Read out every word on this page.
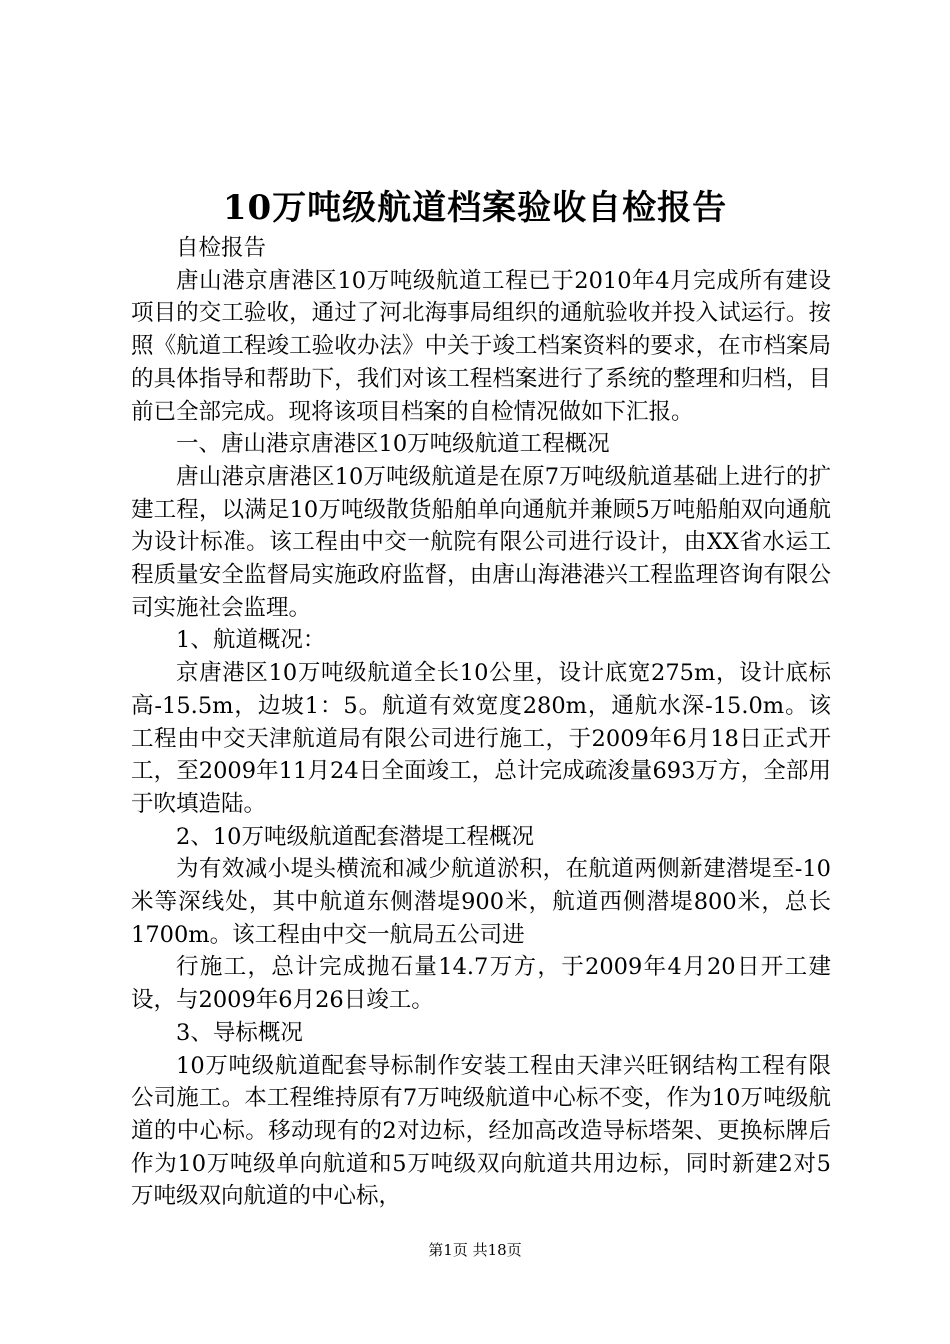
10万吨级航道档案验收自检报告

自检报告

唐山港京唐港区10万吨级航道工程已于2010年4月完成所有建设项目的交工验收，通过了河北海事局组织的通航验收并投入试运行。按照《航道工程竣工验收办法》中关于竣工档案资料的要求，在市档案局的具体指导和帮助下，我们对该工程档案进行了系统的整理和归档，目前已全部完成。现将该项目档案的自检情况做如下汇报。

一、唐山港京唐港区10万吨级航道工程概况

唐山港京唐港区10万吨级航道是在原7万吨级航道基础上进行的扩建工程，以满足10万吨级散货船舶单向通航并兼顾5万吨船舶双向通航为设计标准。该工程由中交一航院有限公司进行设计，由XX省水运工程质量安全监督局实施政府监督，由唐山海港港兴工程监理咨询有限公司实施社会监理。

1、航道概况：

京唐港区10万吨级航道全长10公里，设计底宽275m，设计底标高-15.5m，边坡1：5。航道有效宽度280m，通航水深-15.0m。该工程由中交天津航道局有限公司进行施工，于2009年6月18日正式开工，至2009年11月24日全面竣工，总计完成疏浚量693万方，全部用于吹填造陆。

2、10万吨级航道配套潜堤工程概况

为有效减小堤头横流和减少航道淤积，在航道两侧新建潜堤至-10米等深线处，其中航道东侧潜堤900米，航道西侧潜堤800米，总长1700m。该工程由中交一航局五公司进

行施工，总计完成抛石量14.7万方，于2009年4月20日开工建设，与2009年6月26日竣工。

3、导标概况

10万吨级航道配套导标制作安装工程由天津兴旺钢结构工程有限公司施工。本工程维持原有7万吨级航道中心标不变，作为10万吨级航道的中心标。移动现有的2对边标，经加高改造导标塔架、更换标牌后作为10万吨级单向航道和5万吨级双向航道共用边标，同时新建2对5万吨级双向航道的中心标，

第1页 共18页
